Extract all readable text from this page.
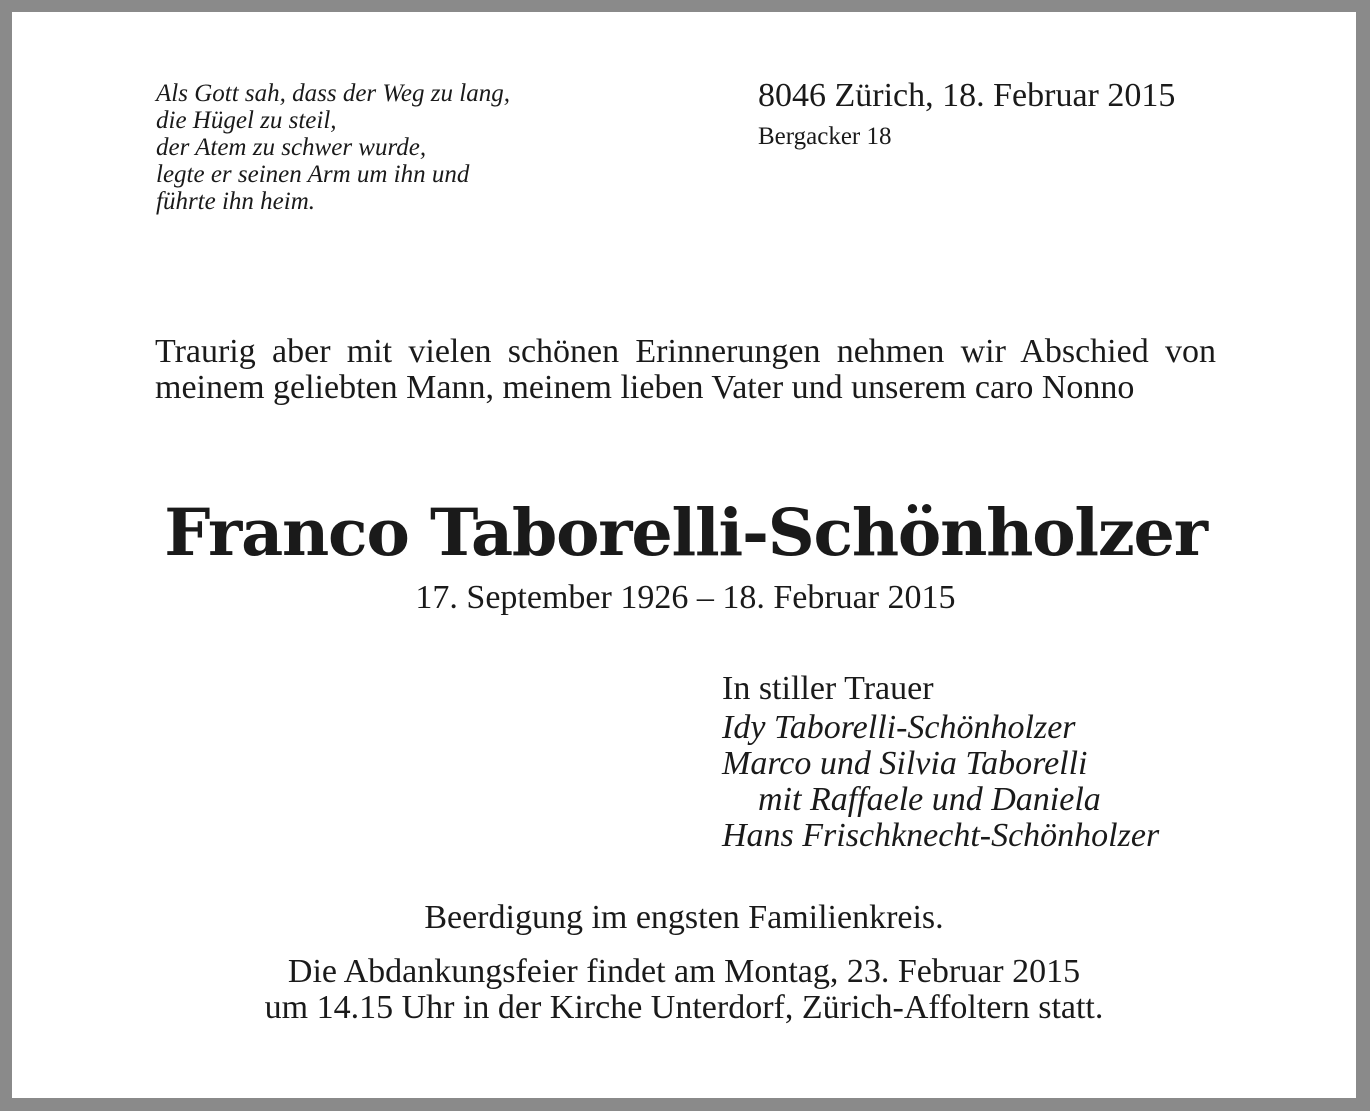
Als Gott sah, dass der Weg zu lang,
die Hügel zu steil,
der Atem zu schwer wurde,
legte er seinen Arm um ihn und
führte ihn heim.
8046 Zürich, 18. Februar 2015
Bergacker 18
Traurig aber mit vielen schönen Erinnerungen nehmen wir Abschied von meinem geliebten Mann, meinem lieben Vater und unserem caro Nonno
Franco Taborelli-Schönholzer
17. September 1926 – 18. Februar 2015
In stiller Trauer
Idy Taborelli-Schönholzer
Marco und Silvia Taborelli
mit Raffaele und Daniela
Hans Frischknecht-Schönholzer
Beerdigung im engsten Familienkreis.
Die Abdankungsfeier findet am Montag, 23. Februar 2015
um 14.15 Uhr in der Kirche Unterdorf, Zürich-Affoltern statt.
